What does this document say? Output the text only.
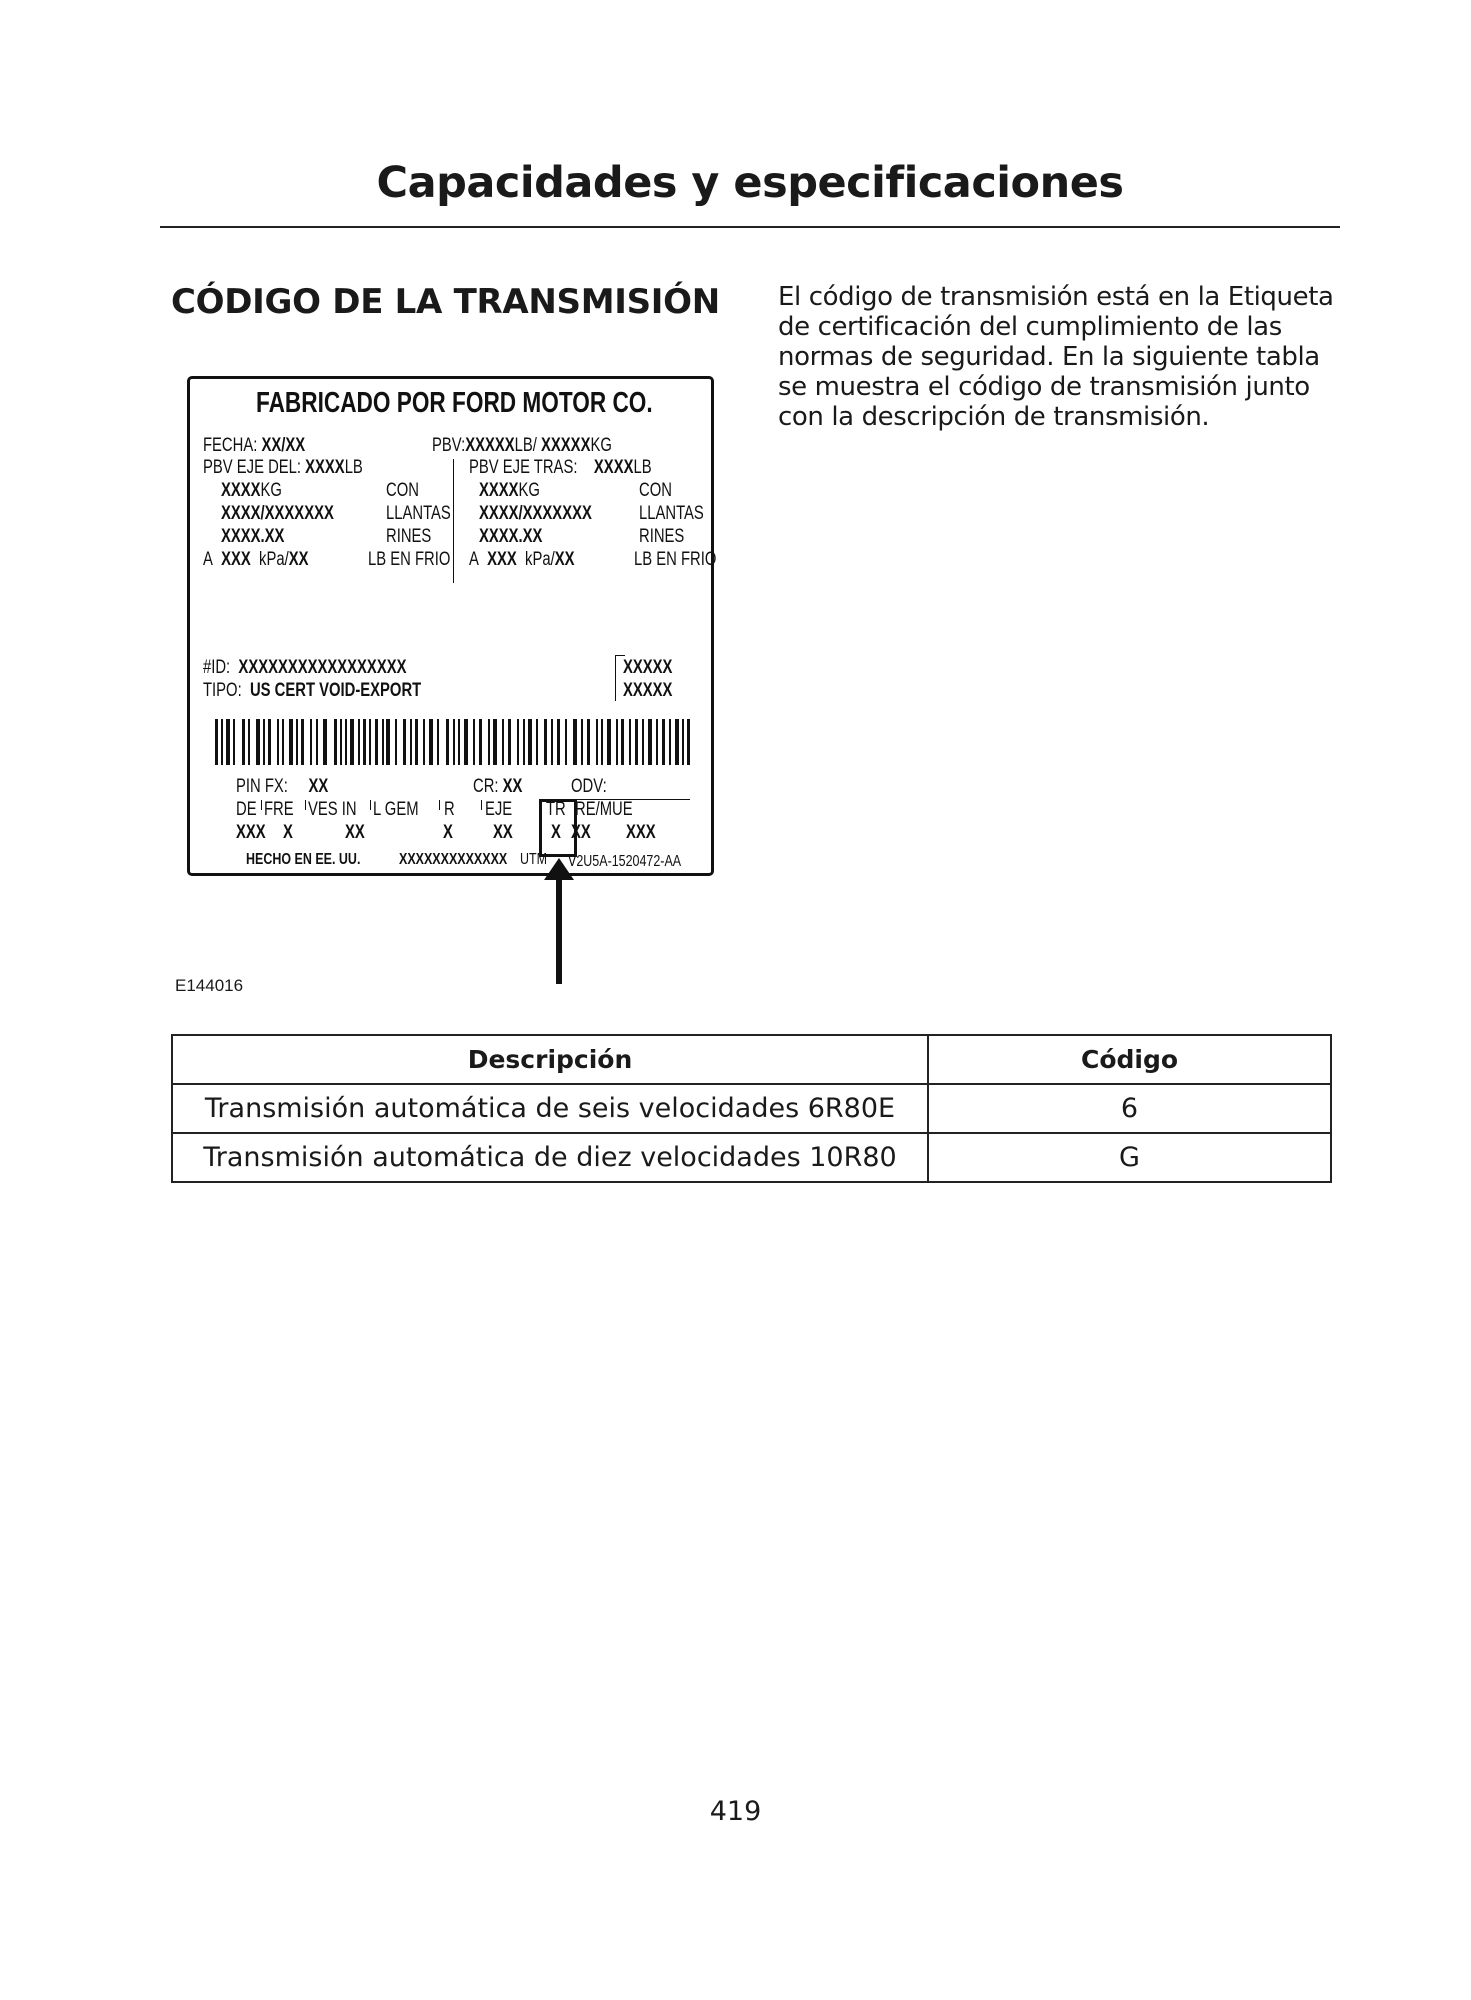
Capacidades y especificaciones
CÓDIGO DE LA TRANSMISIÓN El código de transmisión está en la Etiqueta de certificación del cumplimiento de las normas de seguridad. En la siguiente tabla se muestra el código de transmisión junto con la descripción de transmisión.
FABRICADO POR FORD MOTOR CO.
FECHA: XX/XX	PBV:XXXXXLB/ XXXXXKG
PBV EJE DEL: XXXXLB
XXXXKG	CON
XXXX/XXXXXXX	LLANTAS
XXXX.XX	RINES
A XXX kPa/XX	LB EN FRIO
PBV EJE TRAS: XXXXLB
XXXXKG	CON
XXXX/XXXXXXX LLANTAS
XXXX.XX	RINES
A XXX kPa/XX	LB EN FRIO
#ID: XXXXXXXXXXXXXXXXX
TIPO: US CERT VOID-EXPORT
XXXXX
XXXXX
PIN FX: XX	CR: XX	ODV:
DE FRE VES IN L GEM R EJE TR RE/MUE
XXX X	XX	X XX X XX XXX
HECHO EN EE. UU. XXXXXXXXXXXXX UTM ∇2U5A-1520472-AA
E144016
Descripción	Código
Transmisión automática de seis velocidades 6R80E	6
Transmisión automática de diez velocidades 10R80	G
419
